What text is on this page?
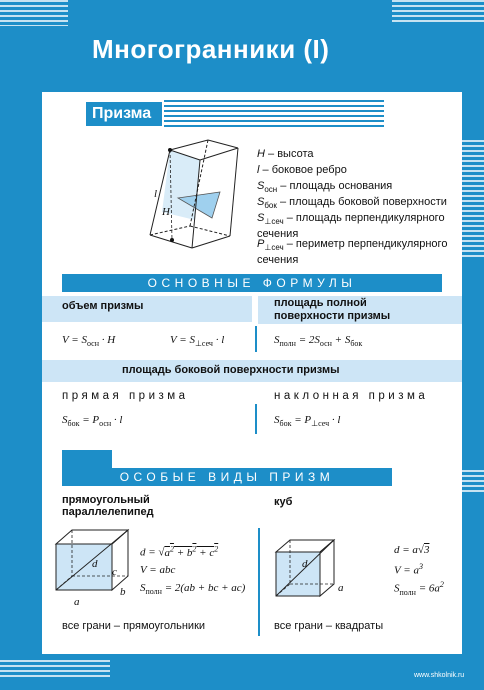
Многогранники (I)
Призма
l
H
H – высота
l – боковое ребро
$S_{осн}$ – площадь основания
$S_{бок}$ – площадь боковой поверхности
$S_{\perp сеч}$ – площадь перпендикулярного сечения
$P_{\perp сеч}$ – периметр перпендикулярного сечения
ОСНОВНЫЕ ФОРМУЛЫ
объем призмы	площадь полной поверхности призмы
$V = S_{осн} \cdot H$	$V = S_{\perp сеч} \cdot l$	$S_{полн} = 2S_{осн} + S_{бок}$
площадь боковой поверхности призмы
прямая призма	наклонная призма
$S_{бок} = P_{осн} \cdot l$	$S_{бок} = P_{\perp сеч} \cdot l$
ОСОБЫЕ ВИДЫ ПРИЗМ
прямоугольный
параллелепипед
куб
d
c
b
a
$d = √a^2 + b^2 + c^2$
V = abc
$S_{полн} = 2(ab$ + bc + ac)
все грани – прямоугольники
d
a
d = a√3
$V = a^3$
$S_{полн} = 6a^2$
все грани – квадраты
www.shkolnik.ru
